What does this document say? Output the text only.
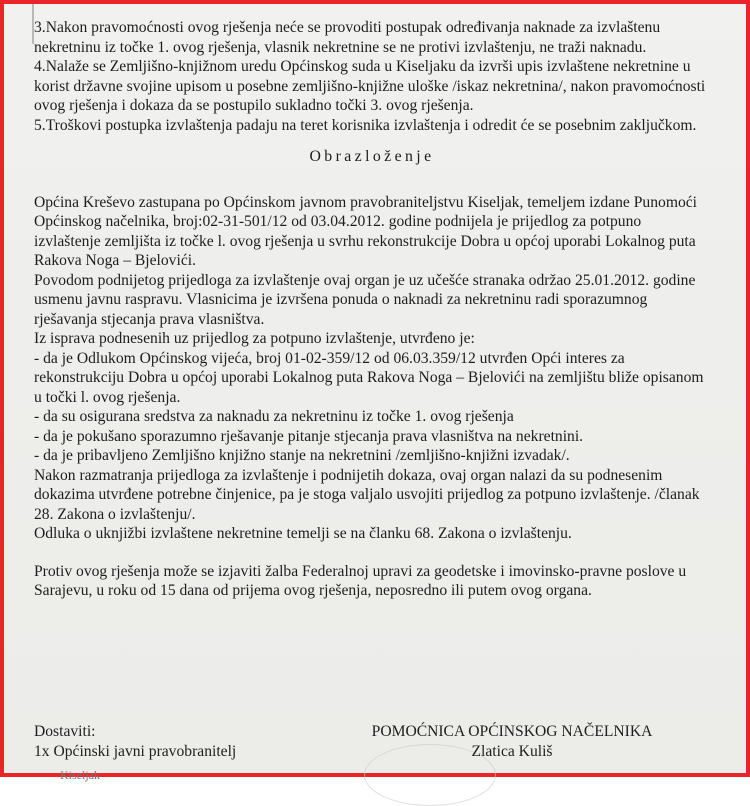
3.Nakon pravomoćnosti ovog rješenja neće se provoditi postupak određivanja naknade za izvlaštenu nekretninu iz točke 1. ovog rješenja, vlasnik nekretnine se ne protivi izvlaštenju, ne traži naknadu.

4.Nalaže se Zemljišno-knjižnom uredu Općinskog suda u Kiseljaku da izvrši upis izvlaštene nekretnine u korist državne svojine upisom u posebne zemljišno-knjižne uloške /iskaz nekretnina/, nakon pravomoćnosti ovog rješenja i dokaza da se postupilo sukladno točki 3. ovog rješenja.

5.Troškovi postupka izvlaštenja padaju na teret korisnika izvlaštenja i odredit će se posebnim zaključkom.

Obrazloženje

Općina Kreševo zastupana po Općinskom javnom pravobraniteljstvu Kiseljak, temeljem izdane Punomoći Općinskog načelnika, broj:02-31-501/12 od 03.04.2012. godine podnijela je prijedlog za potpuno izvlaštenje zemljišta iz točke l. ovog rješenja u svrhu rekonstrukcije Dobra u općoj uporabi Lokalnog puta Rakova Noga – Bjelovići.

Povodom podnijetog prijedloga za izvlaštenje ovaj organ je uz učešće stranaka održao 25.01.2012. godine usmenu javnu raspravu. Vlasnicima je izvršena ponuda o naknadi za nekretninu radi sporazumnog rješavanja stjecanja prava vlasništva.

Iz isprava podnesenih uz prijedlog za potpuno izvlaštenje, utvrđeno je:

- da je Odlukom Općinskog vijeća, broj 01-02-359/12 od 06.03.359/12 utvrđen Opći interes za rekonstrukciju Dobra u općoj uporabi Lokalnog puta Rakova Noga – Bjelovići na zemljištu bliže opisanom u točki l. ovog rješenja.

- da su osigurana sredstva za naknadu za nekretninu iz točke 1. ovog rješenja

- da je pokušano sporazumno rješavanje pitanje stjecanja prava vlasništva na nekretnini.

- da je pribavljeno Zemljišno knjižno stanje na nekretnini /zemljišno-knjižni izvadak/.

Nakon razmatranja prijedloga za izvlaštenje i podnijetih dokaza, ovaj organ nalazi da su podnesenim dokazima utvrđene potrebne činjenice, pa je stoga valjalo usvojiti prijedlog za potpuno izvlaštenje. /članak 28. Zakona o izvlaštenju/.

Odluka o uknjižbi izvlaštene nekretnine temelji se na članku 68. Zakona o izvlaštenju.

Protiv ovog rješenja može se izjaviti žalba Federalnoj upravi za geodetske i imovinsko-pravne poslove u Sarajevu, u roku od 15 dana od prijema ovog rješenja, neposredno ili putem ovog organa.

Dostaviti:
1x Općinski javni pravobranitelj
POMOĆNICA OPĆINSKOG NAČELNIKA
Zlatica Kuliš
Kiseljak
